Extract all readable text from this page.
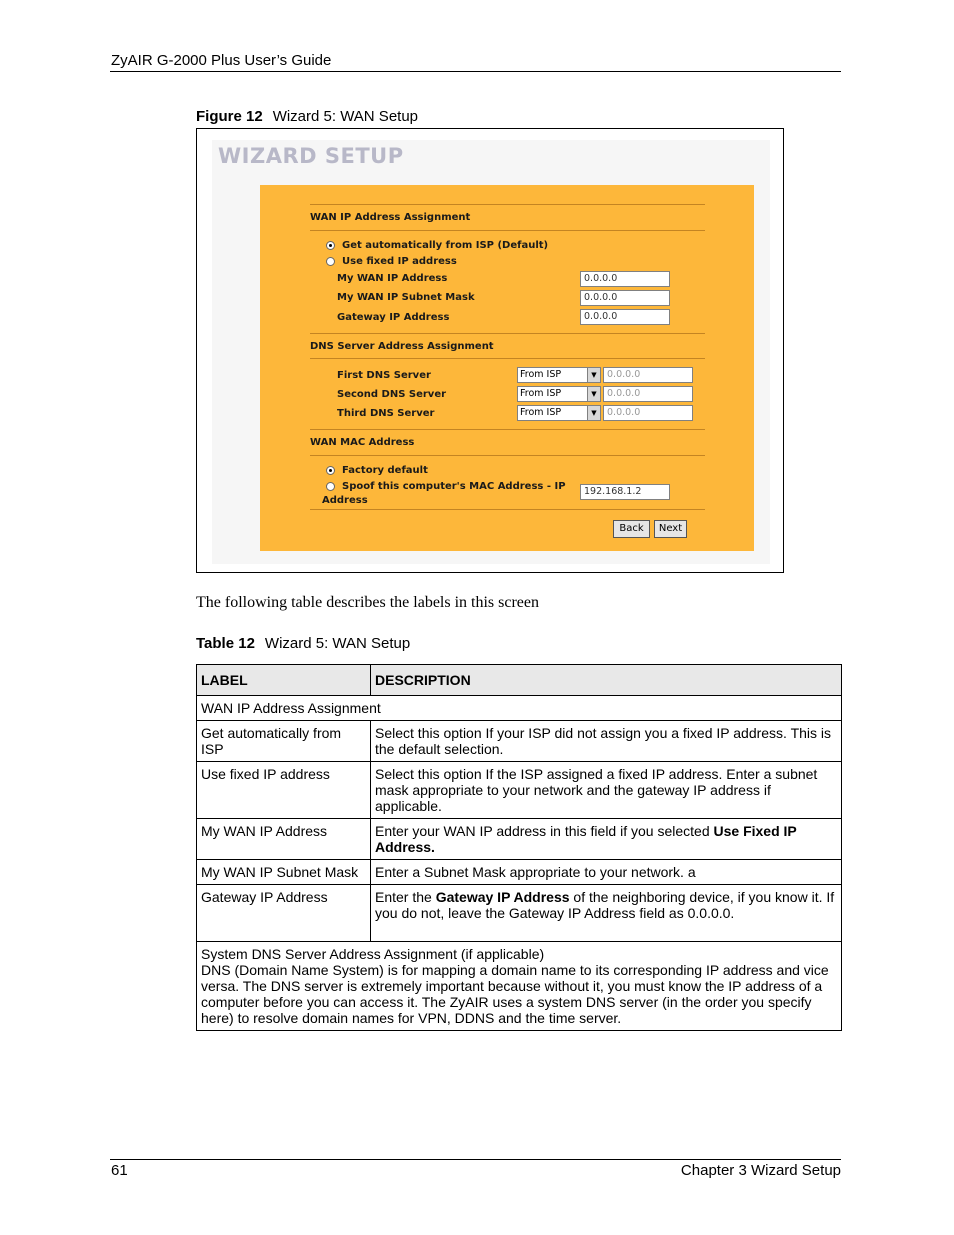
ZyAIR G-2000 Plus User’s Guide
Figure 12 Wizard 5: WAN Setup
WIZARD SETUP
WAN IP Address Assignment
Get automatically from ISP (Default)
Use fixed IP address
My WAN IP Address	0.0.0.0
My WAN IP Subnet Mask	0.0.0.0
Gateway IP Address	0.0.0.0
DNS Server Address Assignment
First DNS Server	From ISP	▼	0.0.0.0
Second DNS Server	From ISP	▼	0.0.0.0
Third DNS Server	From ISP	▼	0.0.0.0
WAN MAC Address
Factory default
Spoof this computer's MAC Address - IP
Address
192.168.1.2
Back	Next
The following table describes the labels in this screen
Table 12 Wizard 5: WAN Setup
LABEL	DESCRIPTION
WAN IP Address Assignment	
Get automatically from ISP	Select this option If your ISP did not assign you a fixed IP address. This is the default selection.
Use fixed IP address	Select this option If the ISP assigned a fixed IP address. Enter a subnet mask appropriate to your network and the gateway IP address if applicable.
My WAN IP Address	Enter your WAN IP address in this field if you selected Use Fixed IP Address.
My WAN IP Subnet Mask	Enter a Subnet Mask appropriate to your network. a
Gateway IP Address	Enter the Gateway IP Address of the neighboring device, if you know it. If you do not, leave the Gateway IP Address field as 0.0.0.0.

System DNS Server Address Assignment (if applicable)
DNS (Domain Name System) is for mapping a domain name to its corresponding IP address and vice versa. The DNS server is extremely important because without it, you must know the IP address of a computer before you can access it. The ZyAIR uses a system DNS server (in the order you specify here) to resolve domain names for VPN, DDNS and the time server.	
61	Chapter 3 Wizard Setup
